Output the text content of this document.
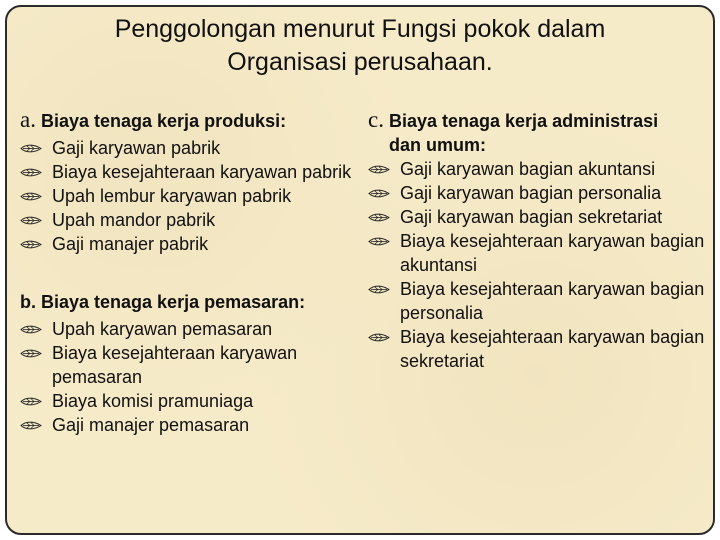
Penggolongan menurut Fungsi pokok dalam
Organisasi perusahaan.
a. Biaya tenaga kerja produksi:
Gaji karyawan pabrik
Biaya kesejahteraan karyawan pabrik
Upah lembur karyawan pabrik
Upah mandor pabrik
Gaji manajer pabrik
b. Biaya tenaga kerja pemasaran:
Upah karyawan pemasaran
Biaya kesejahteraan karyawan pemasaran
Biaya komisi pramuniaga
Gaji manajer pemasaran
c. Biaya tenaga kerja administrasi
dan umum:
Gaji karyawan bagian akuntansi
Gaji karyawan bagian personalia
Gaji karyawan bagian sekretariat
Biaya kesejahteraan karyawan bagian akuntansi
Biaya kesejahteraan karyawan bagian personalia
Biaya kesejahteraan karyawan bagian sekretariat
